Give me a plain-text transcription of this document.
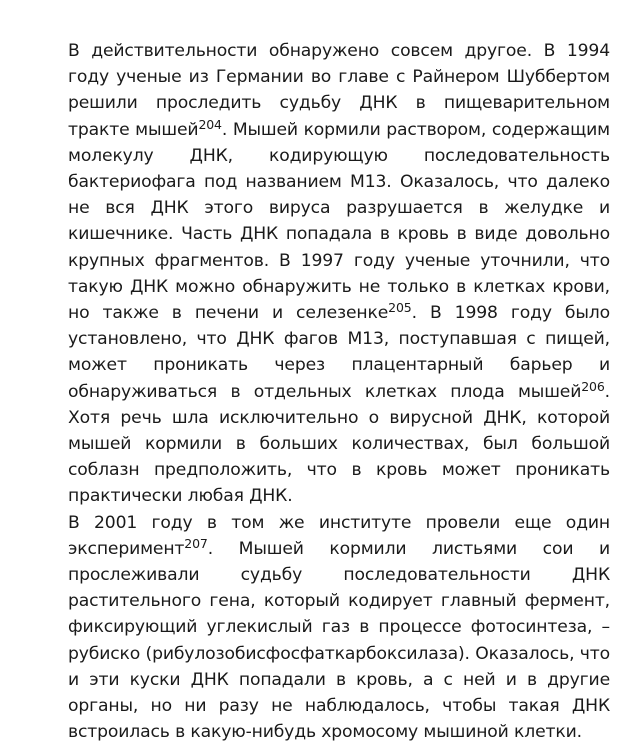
В действительности обнаружено совсем другое. В 1994 году ученые из Германии во главе с Райнером Шуббертом решили проследить судьбу ДНК в пищеварительном тракте мышей$^{204}$. Мышей кормили раствором, содержащим молекулу ДНК, кодирующую последовательность бактериофага под названием М13. Оказалось, что далеко не вся ДНК этого вируса разрушается в желудке и кишечнике. Часть ДНК попадала в кровь в виде довольно крупных фрагментов. В 1997 году ученые уточнили, что такую ДНК можно обнаружить не только в клетках крови, но также в печени и селезенке$^{205}$. В 1998 году было установлено, что ДНК фагов М13, поступавшая с пищей, может проникать через плацентарный барьер и обнаруживаться в отдельных клетках плода мышей$^{206}$. Хотя речь шла исключительно о вирусной ДНК, которой мышей кормили в больших количествах, был большой соблазн предположить, что в кровь может проникать практически любая ДНК.

В 2001 году в том же институте провели еще один эксперимент$^{207}$. Мышей кормили листьями сои и прослеживали судьбу последовательности ДНК растительного гена, который кодирует главный фермент, фиксирующий углекислый газ в процессе фотосинтеза, – рубиско (рибулозобисфосфаткарбоксилаза). Оказалось, что и эти куски ДНК попадали в кровь, а с ней и в другие органы, но ни разу не наблюдалось, чтобы такая ДНК встроилась в какую-нибудь хромосому мышиной клетки.
